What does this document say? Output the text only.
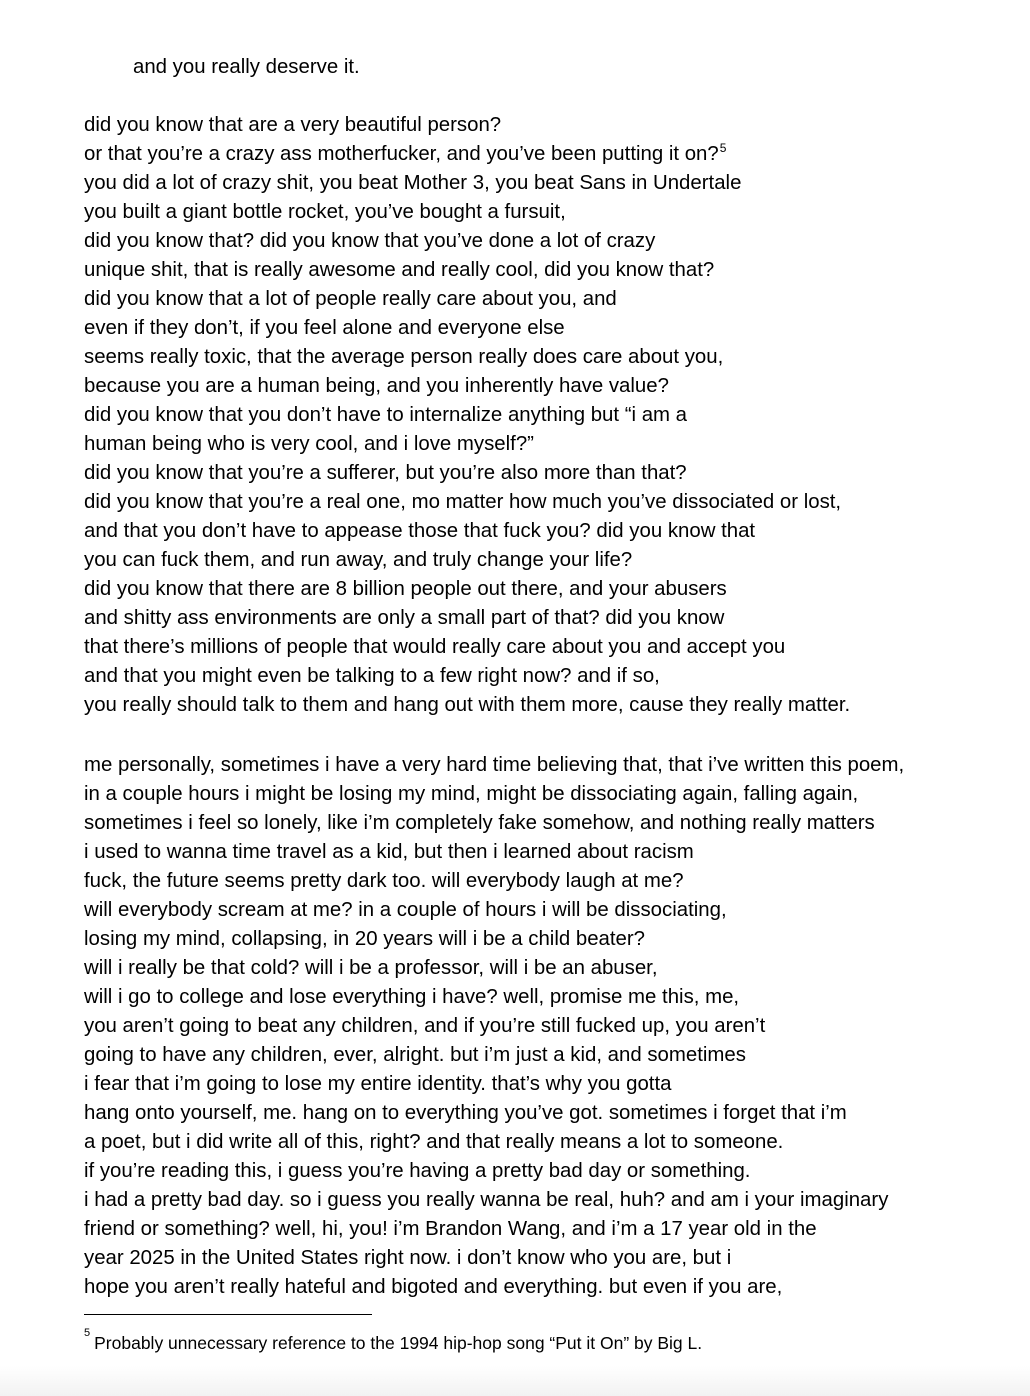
and you really deserve it.
did you know that are a very beautiful person?
or that you’re a crazy ass motherfucker, and you’ve been putting it on?$^5$
you did a lot of crazy shit, you beat Mother 3, you beat Sans in Undertale
you built a giant bottle rocket, you’ve bought a fursuit,
did you know that? did you know that you’ve done a lot of crazy
unique shit, that is really awesome and really cool, did you know that?
did you know that a lot of people really care about you, and
even if they don’t, if you feel alone and everyone else
seems really toxic, that the average person really does care about you,
because you are a human being, and you inherently have value?
did you know that you don’t have to internalize anything but “i am a
human being who is very cool, and i love myself?”
did you know that you’re a sufferer, but you’re also more than that?
did you know that you’re a real one, mo matter how much you’ve dissociated or lost,
and that you don’t have to appease those that fuck you? did you know that
you can fuck them, and run away, and truly change your life?
did you know that there are 8 billion people out there, and your abusers
and shitty ass environments are only a small part of that? did you know
that there’s millions of people that would really care about you and accept you
and that you might even be talking to a few right now? and if so,
you really should talk to them and hang out with them more, cause they really matter.
me personally, sometimes i have a very hard time believing that, that i’ve written this poem,
in a couple hours i might be losing my mind, might be dissociating again, falling again,
sometimes i feel so lonely, like i’m completely fake somehow, and nothing really matters
i used to wanna time travel as a kid, but then i learned about racism
fuck, the future seems pretty dark too. will everybody laugh at me?
will everybody scream at me? in a couple of hours i will be dissociating,
losing my mind, collapsing, in 20 years will i be a child beater?
will i really be that cold? will i be a professor, will i be an abuser,
will i go to college and lose everything i have? well, promise me this, me,
you aren’t going to beat any children, and if you’re still fucked up, you aren’t
going to have any children, ever, alright. but i’m just a kid, and sometimes
i fear that i’m going to lose my entire identity. that’s why you gotta
hang onto yourself, me. hang on to everything you’ve got. sometimes i forget that i’m
a poet, but i did write all of this, right? and that really means a lot to someone.
if you’re reading this, i guess you’re having a pretty bad day or something.
i had a pretty bad day. so i guess you really wanna be real, huh? and am i your imaginary
friend or something? well, hi, you! i’m Brandon Wang, and i’m a 17 year old in the
year 2025 in the United States right now. i don’t know who you are, but i
hope you aren’t really hateful and bigoted and everything. but even if you are,
$^5$ Probably unnecessary reference to the 1994 hip-hop song “Put it On” by Big L.
